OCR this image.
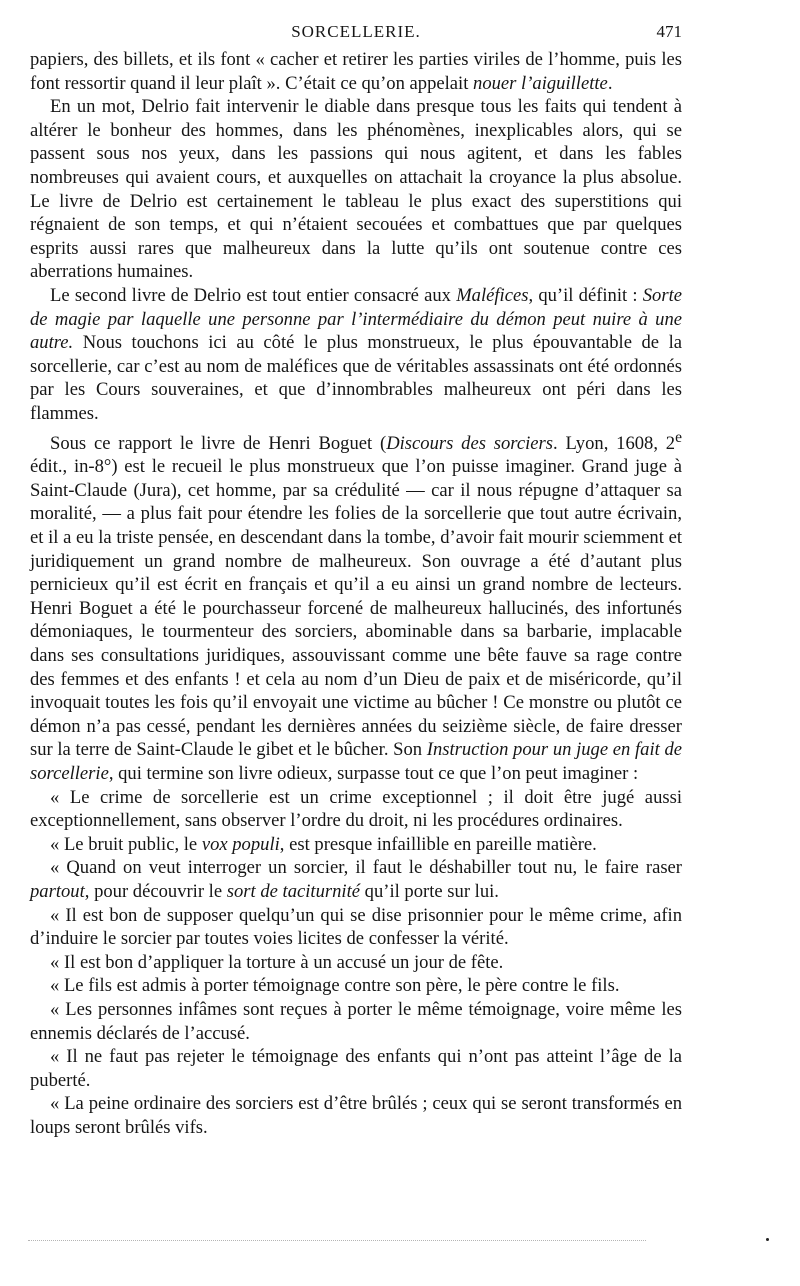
SORCELLERIE.	471

papiers, des billets, et ils font « cacher et retirer les parties viriles de l’homme, puis les font ressortir quand il leur plaît ». C’était ce qu’on appelait nouer l’aiguillette.

En un mot, Delrio fait intervenir le diable dans presque tous les faits qui tendent à altérer le bonheur des hommes, dans les phénomènes, inexplicables alors, qui se passent sous nos yeux, dans les passions qui nous agitent, et dans les fables nombreuses qui avaient cours, et auxquelles on attachait la croyance la plus absolue. Le livre de Delrio est certainement le tableau le plus exact des superstitions qui régnaient de son temps, et qui n’étaient secouées et combattues que par quelques esprits aussi rares que malheureux dans la lutte qu’ils ont soutenue contre ces aberrations humaines.

Le second livre de Delrio est tout entier consacré aux Maléfices, qu’il définit : Sorte de magie par laquelle une personne par l’intermédiaire du démon peut nuire à une autre. Nous touchons ici au côté le plus monstrueux, le plus épouvantable de la sorcellerie, car c’est au nom de maléfices que de véritables assassinats ont été ordonnés par les Cours souveraines, et que d’innombrables malheureux ont péri dans les flammes.

Sous ce rapport le livre de Henri Boguet (Discours des sorciers. Lyon, 1608, 2e édit., in-8°) est le recueil le plus monstrueux que l’on puisse imaginer. Grand juge à Saint-Claude (Jura), cet homme, par sa crédulité — car il nous répugne d’attaquer sa moralité, — a plus fait pour étendre les folies de la sorcellerie que tout autre écrivain, et il a eu la triste pensée, en descendant dans la tombe, d’avoir fait mourir sciemment et juridiquement un grand nombre de malheureux. Son ouvrage a été d’autant plus pernicieux qu’il est écrit en français et qu’il a eu ainsi un grand nombre de lecteurs. Henri Boguet a été le pourchasseur forcené de malheureux hallucinés, des infortunés démoniaques, le tourmenteur des sorciers, abominable dans sa barbarie, implacable dans ses consultations juridiques, assouvissant comme une bête fauve sa rage contre des femmes et des enfants ! et cela au nom d’un Dieu de paix et de miséricorde, qu’il invoquait toutes les fois qu’il envoyait une victime au bûcher ! Ce monstre ou plutôt ce démon n’a pas cessé, pendant les dernières années du seizième siècle, de faire dresser sur la terre de Saint-Claude le gibet et le bûcher. Son Instruction pour un juge en fait de sorcellerie, qui termine son livre odieux, surpasse tout ce que l’on peut imaginer :

« Le crime de sorcellerie est un crime exceptionnel ; il doit être jugé aussi exceptionnellement, sans observer l’ordre du droit, ni les procédures ordinaires.

« Le bruit public, le vox populi, est presque infaillible en pareille matière.

« Quand on veut interroger un sorcier, il faut le déshabiller tout nu, le faire raser partout, pour découvrir le sort de taciturnité qu’il porte sur lui.

« Il est bon de supposer quelqu’un qui se dise prisonnier pour le même crime, afin d’induire le sorcier par toutes voies licites de confesser la vérité.

« Il est bon d’appliquer la torture à un accusé un jour de fête.

« Le fils est admis à porter témoignage contre son père, le père contre le fils.

« Les personnes infâmes sont reçues à porter le même témoignage, voire même les ennemis déclarés de l’accusé.

« Il ne faut pas rejeter le témoignage des enfants qui n’ont pas atteint l’âge de la puberté.

« La peine ordinaire des sorciers est d’être brûlés ; ceux qui se seront transformés en loups seront brûlés vifs.
